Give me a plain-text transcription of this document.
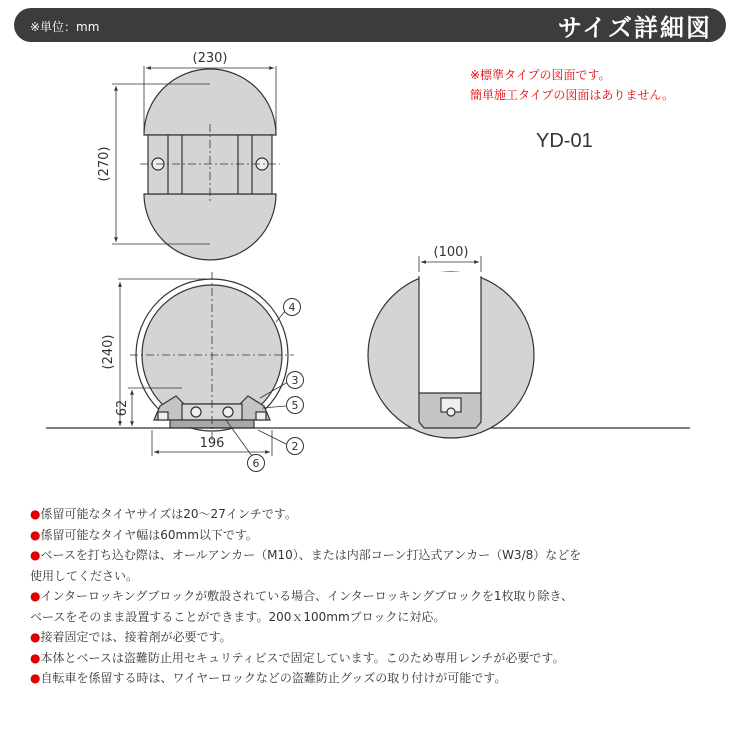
※単位：mm	サイズ詳細図
(230)
(270)
(240)
62
196
4
3
5
2
6
(100)
※標準タイプの図面です。
簡単施工タイプの図面はありません。
YD-01
●係留可能なタイヤサイズは20～27インチです。
●係留可能なタイヤ幅は60mm以下です。
●ベースを打ち込む際は、オールアンカー（M10）、または内部コーン打込式アンカー（W3/8）などを
使用してください。
●インターロッキングブロックが敷設されている場合、インターロッキングブロックを1枚取り除き、
ベースをそのまま設置することができます。200ｘ100mmブロックに対応。
●接着固定では、接着剤が必要です。
●本体とベースは盗難防止用セキュリティビスで固定しています。このため専用レンチが必要です。
●自転車を係留する時は、ワイヤーロックなどの盗難防止グッズの取り付けが可能です。
